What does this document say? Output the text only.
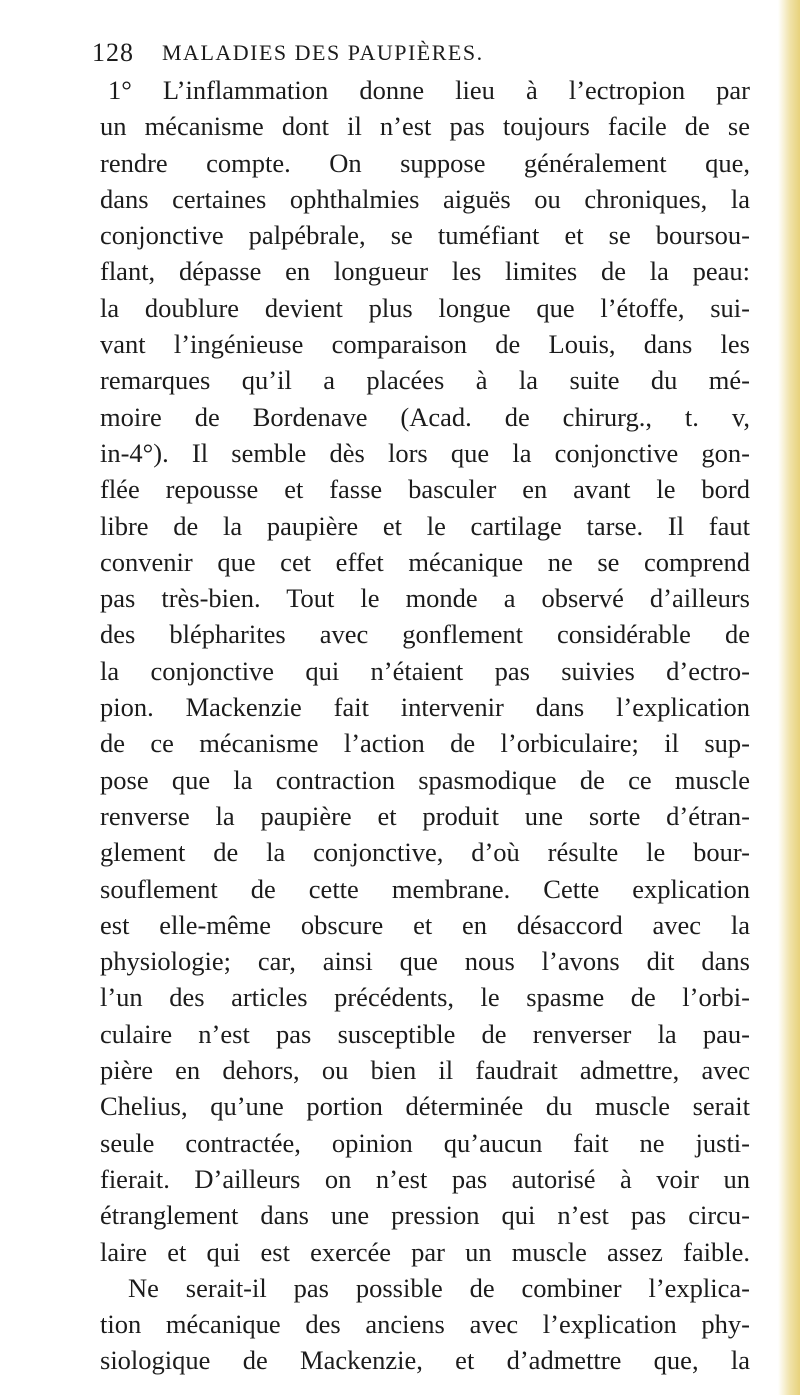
128 MALADIES DES PAUPIÈRES.
1° L’inflammation donne lieu à l’ectropion par
un mécanisme dont il n’est pas toujours facile de se
rendre compte. On suppose généralement que,
dans certaines ophthalmies aiguës ou chroniques, la
conjonctive palpébrale, se tuméfiant et se boursou-
flant, dépasse en longueur les limites de la peau:
la doublure devient plus longue que l’étoffe, sui-
vant l’ingénieuse comparaison de Louis, dans les
remarques qu’il a placées à la suite du mé-
moire de Bordenave (Acad. de chirurg., t. v,
in-4°). Il semble dès lors que la conjonctive gon-
flée repousse et fasse basculer en avant le bord
libre de la paupière et le cartilage tarse. Il faut
convenir que cet effet mécanique ne se comprend
pas très-bien. Tout le monde a observé d’ailleurs
des blépharites avec gonflement considérable de
la conjonctive qui n’étaient pas suivies d’ectro-
pion. Mackenzie fait intervenir dans l’explication
de ce mécanisme l’action de l’orbiculaire; il sup-
pose que la contraction spasmodique de ce muscle
renverse la paupière et produit une sorte d’étran-
glement de la conjonctive, d’où résulte le bour-
souflement de cette membrane. Cette explication
est elle-même obscure et en désaccord avec la
physiologie; car, ainsi que nous l’avons dit dans
l’un des articles précédents, le spasme de l’orbi-
culaire n’est pas susceptible de renverser la pau-
pière en dehors, ou bien il faudrait admettre, avec
Chelius, qu’une portion déterminée du muscle serait
seule contractée, opinion qu’aucun fait ne justi-
fierait. D’ailleurs on n’est pas autorisé à voir un
étranglement dans une pression qui n’est pas circu-
laire et qui est exercée par un muscle assez faible.
Ne serait-il pas possible de combiner l’explica-
tion mécanique des anciens avec l’explication phy-
siologique de Mackenzie, et d’admettre que, la
